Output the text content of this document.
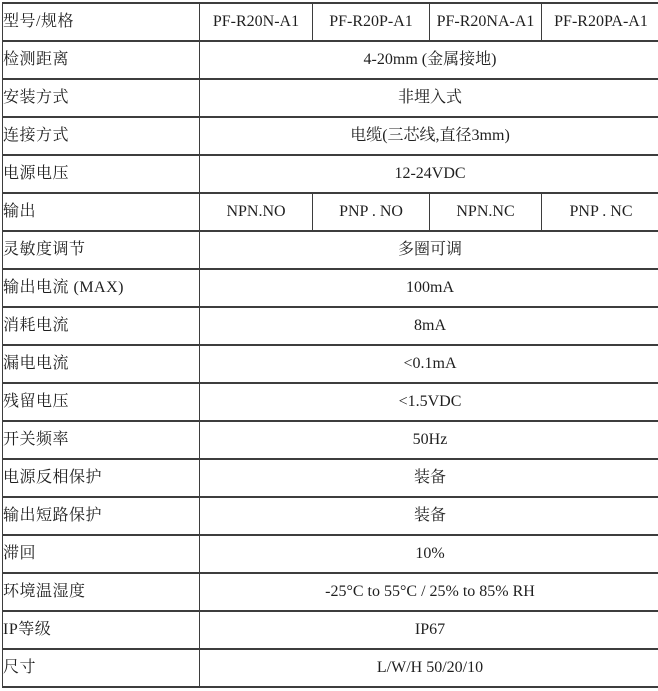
型号/规格	PF-R20N-A1	PF-R20P-A1	PF-R20NA-A1	PF-R20PA-A1
检测距离	4-20mm (金属接地)			
安装方式	非埋入式			
连接方式	电缆(三芯线,直径3mm)			
电源电压	12-24VDC			
输出	NPN.NO	PNP . NO	NPN.NC	PNP . NC
灵敏度调节	多圈可调			
输出电流 (MAX)	100mA			
消耗电流	8mA			
漏电电流	<0.1mA			
残留电压	<1.5VDC			
开关频率	50Hz			
电源反相保护	装备			
输出短路保护	装备			
滞回	10%			
环境温湿度	-25°C to 55°C / 25% to 85% RH			
IP等级	IP67			
尺寸	L/W/H 50/20/10			
